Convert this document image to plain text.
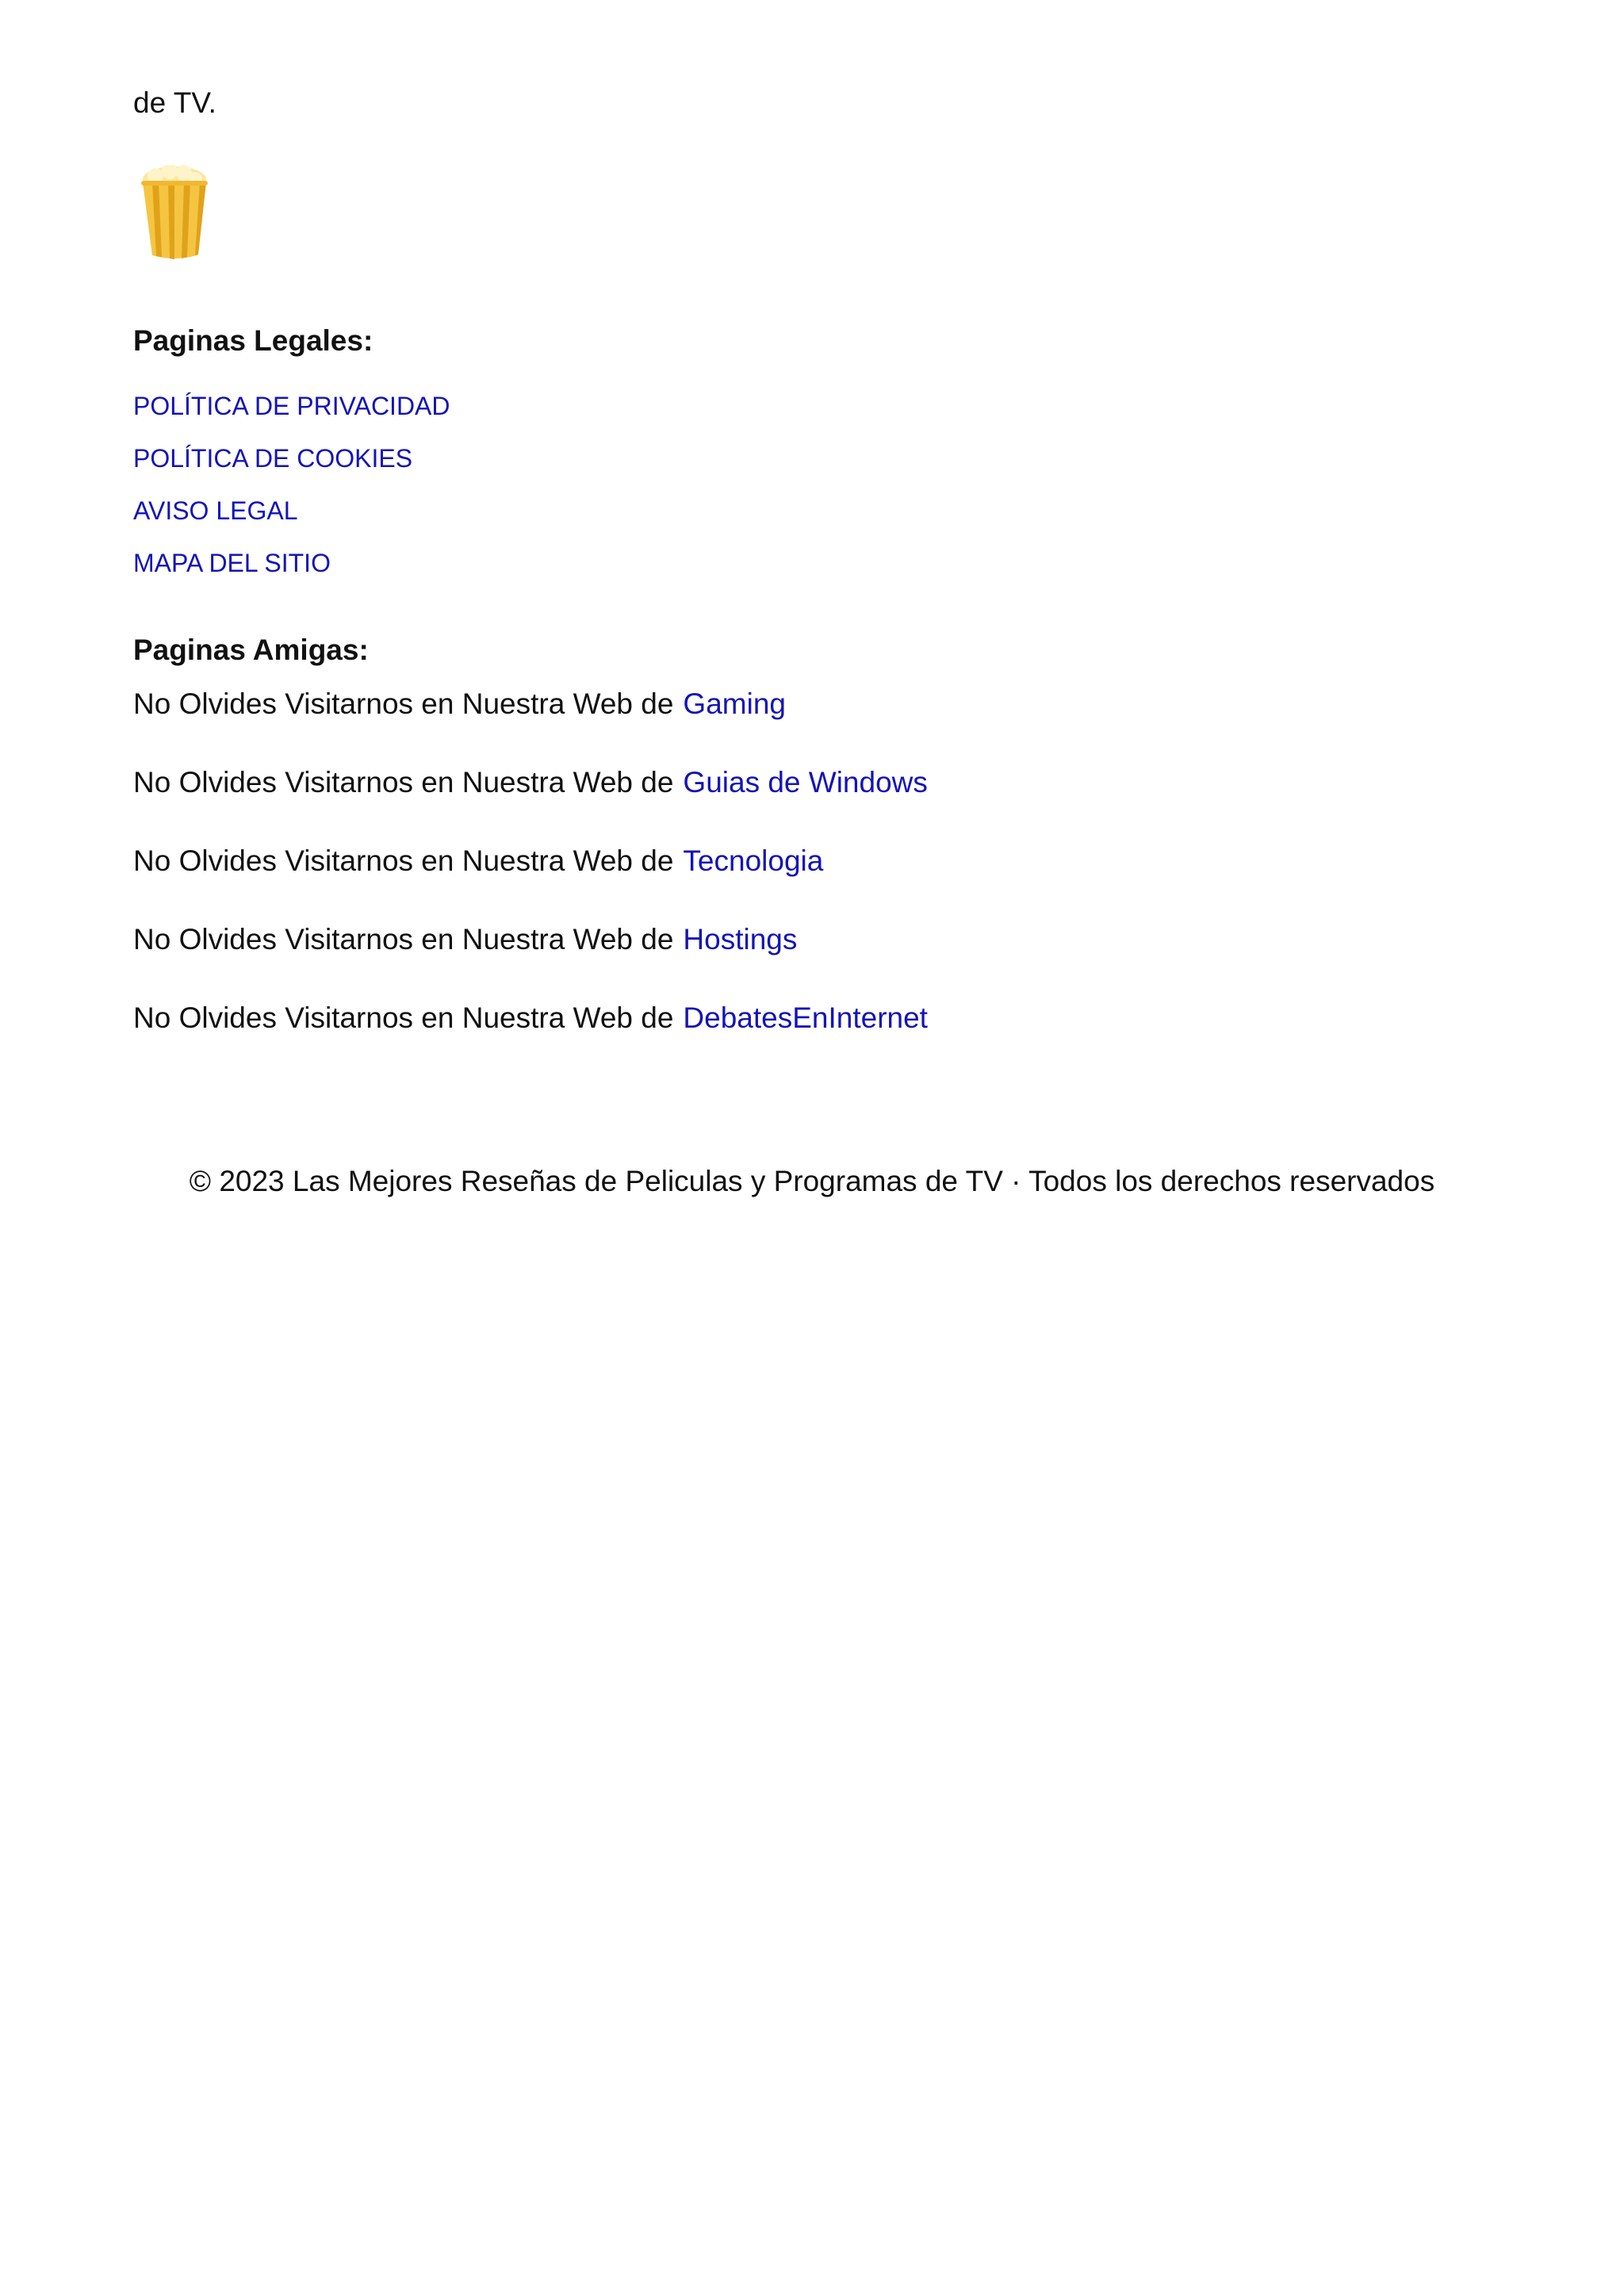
de TV.
Paginas Legales:
POLÍTICA DE PRIVACIDAD
POLÍTICA DE COOKIES
AVISO LEGAL
MAPA DEL SITIO
Paginas Amigas:
No Olvides Visitarnos en Nuestra Web de Gaming
No Olvides Visitarnos en Nuestra Web de Guias de Windows
No Olvides Visitarnos en Nuestra Web de Tecnologia
No Olvides Visitarnos en Nuestra Web de Hostings
No Olvides Visitarnos en Nuestra Web de DebatesEnInternet
© 2023 Las Mejores Reseñas de Peliculas y Programas de TV · Todos los derechos reservados
